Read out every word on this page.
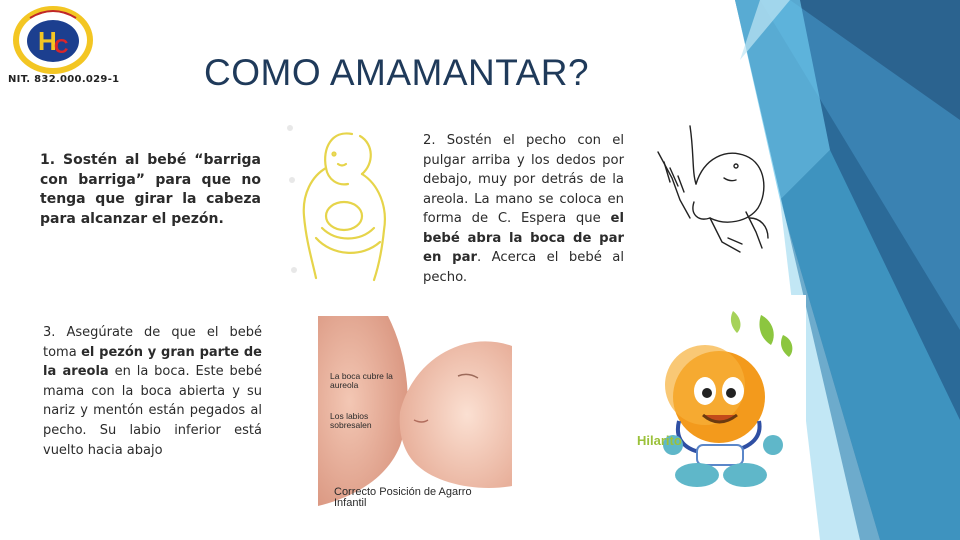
H
C
NIT. 832.000.029-1 COMO AMAMANTAR?
1. Sostén al bebé “barriga con barriga” para que no tenga que girar la cabeza para alcanzar el pezón.
2. Sostén el pecho con el pulgar arriba y los dedos por debajo, muy por detrás de la areola. La mano se coloca en forma de C. Espera que el bebé abra la boca de par en par. Acerca el bebé al pecho.
3. Asegúrate de que el bebé toma el pezón y gran parte de la areola en la boca. Este bebé mama con la boca abierta y su nariz y mentón están pegados al pecho. Su labio inferior está vuelto hacia abajo
La boca cubre la aureola
Los labios sobresalen
Correcto Posición de Agarro Infantil
Hilarito
